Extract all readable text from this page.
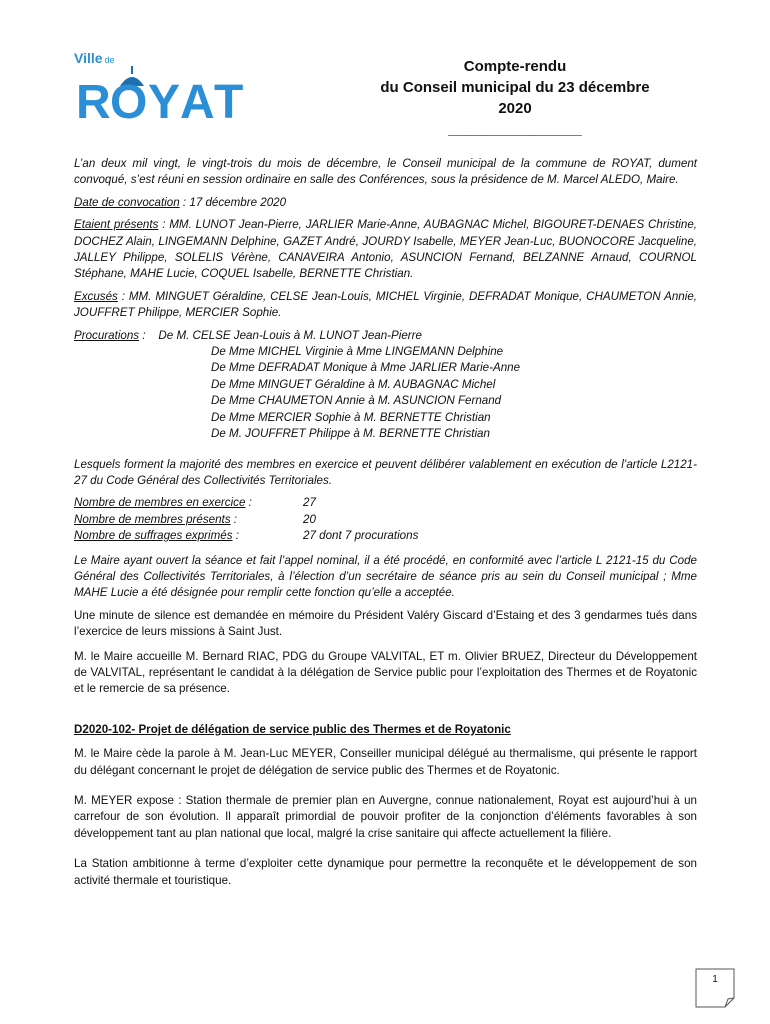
Ville de
R O Y A T
Compte-rendu
du Conseil municipal du 23 décembre
2020
________________

L’an deux mil vingt, le vingt-trois du mois de décembre, le Conseil municipal de la commune de ROYAT, dument convoqué, s’est réuni en session ordinaire en salle des Conférences, sous la présidence de M. Marcel ALEDO, Maire.

Date de convocation : 17 décembre 2020

Etaient présents : MM. LUNOT Jean-Pierre, JARLIER Marie-Anne, AUBAGNAC Michel, BIGOURET-DENAES Christine, DOCHEZ Alain, LINGEMANN Delphine, GAZET André, JOURDY Isabelle, MEYER Jean-Luc, BUONOCORE Jacqueline, JALLEY Philippe, SOLELIS Vérène, CANAVEIRA Antonio, ASUNCION Fernand, BELZANNE Arnaud, COURNOL Stéphane, MAHE Lucie, COQUEL Isabelle, BERNETTE Christian.

Excusés : MM. MINGUET Géraldine, CELSE Jean-Louis, MICHEL Virginie, DEFRADAT Monique, CHAUMETON Annie, JOUFFRET Philippe, MERCIER Sophie.

Procurations :    De M. CELSE Jean-Louis à M. LUNOT Jean-Pierre
De Mme MICHEL Virginie à Mme LINGEMANN Delphine
De Mme DEFRADAT Monique à Mme JARLIER Marie-Anne
De Mme MINGUET Géraldine à M. AUBAGNAC Michel
De Mme CHAUMETON Annie à M. ASUNCION Fernand
De Mme MERCIER Sophie à M. BERNETTE Christian
De M. JOUFFRET Philippe à M. BERNETTE Christian

Lesquels forment la majorité des membres en exercice et peuvent délibérer valablement en exécution de l’article L2121-27 du Code Général des Collectivités Territoriales.

Nombre de membres en exercice :	27
Nombre de membres présents :	20
Nombre de suffrages exprimés :	27 dont 7 procurations

Le Maire ayant ouvert la séance et fait l’appel nominal, il a été procédé, en conformité avec l’article L 2121-15 du Code Général des Collectivités Territoriales, à l’élection d’un secrétaire de séance pris au sein du Conseil municipal ; Mme MAHE Lucie a été désignée pour remplir cette fonction qu’elle a acceptée.

Une minute de silence est demandée en mémoire du Président Valéry Giscard d’Estaing et des 3 gendarmes tués dans l’exercice de leurs missions à Saint Just.

M. le Maire accueille M. Bernard RIAC, PDG du Groupe VALVITAL, ET m. Olivier BRUEZ, Directeur du Développement de VALVITAL, représentant le candidat à la délégation de Service public pour l’exploitation des Thermes et de Royatonic et le remercie de sa présence.

D2020-102- Projet de délégation de service public des Thermes et de Royatonic

M. le Maire cède la parole à M. Jean-Luc MEYER, Conseiller municipal délégué au thermalisme, qui présente le rapport du délégant concernant le projet de délégation de service public des Thermes et de Royatonic.

M. MEYER expose : Station thermale de premier plan en Auvergne, connue nationalement, Royat est aujourd’hui à un carrefour de son évolution. Il apparaît primordial de pouvoir profiter de la conjonction d’éléments favorables à son développement tant au plan national que local, malgré la crise sanitaire qui affecte actuellement la filière.

La Station ambitionne à terme d’exploiter cette dynamique pour permettre la reconquête et le développement de son activité thermale et touristique.

1
